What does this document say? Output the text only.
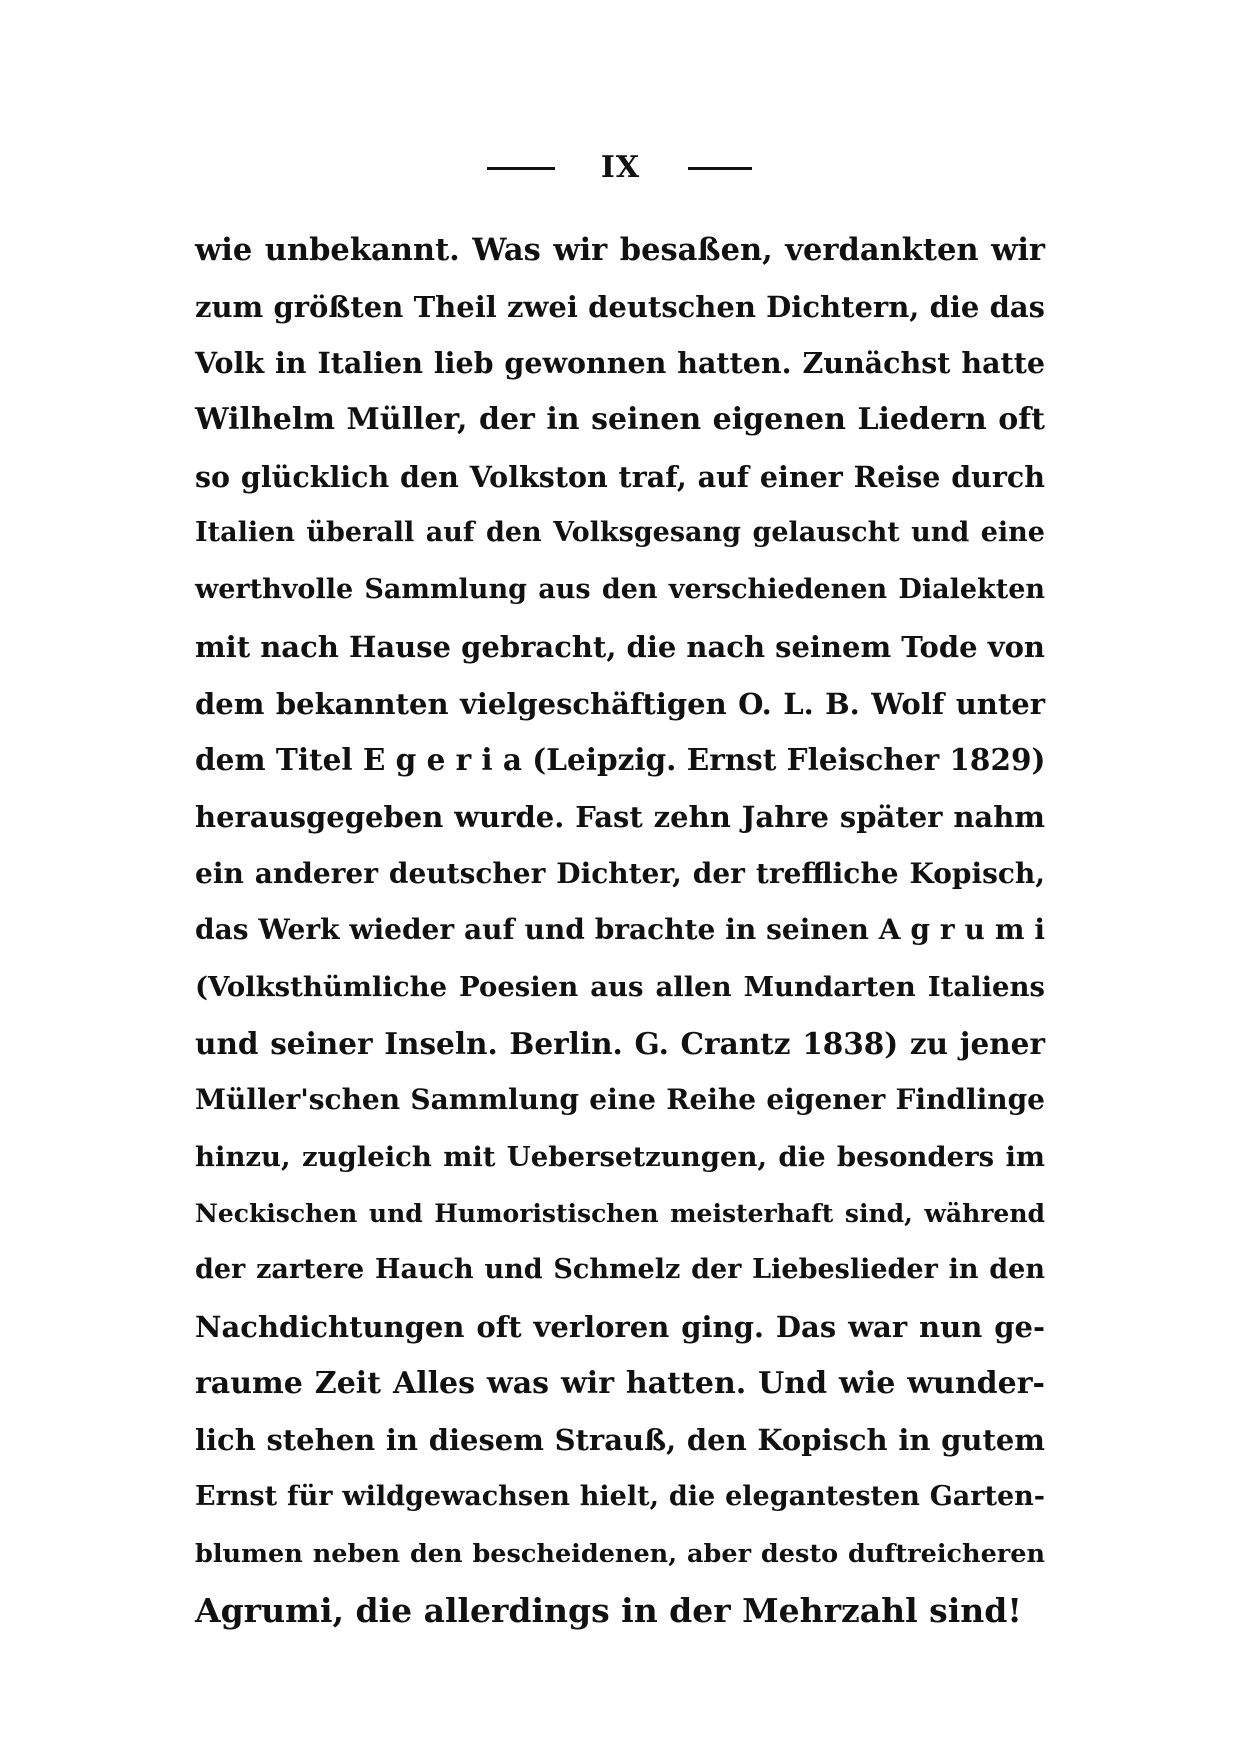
IX
wie unbekannt. Was wir besaßen, verdankten wir
zum größten Theil zwei deutschen Dichtern, die das
Volk in Italien lieb gewonnen hatten. Zunächst hatte
Wilhelm Müller, der in seinen eigenen Liedern oft
so glücklich den Volkston traf, auf einer Reise durch
Italien überall auf den Volksgesang gelauscht und eine
werthvolle Sammlung aus den verschiedenen Dialekten
mit nach Hause gebracht, die nach seinem Tode von
dem bekannten vielgeschäftigen O. L. B. Wolf unter
dem Titel E g e r i a (Leipzig. Ernst Fleischer 1829)
herausgegeben wurde. Fast zehn Jahre später nahm
ein anderer deutscher Dichter, der treffliche Kopisch,
das Werk wieder auf und brachte in seinen A g r u m i
(Volksthümliche Poesien aus allen Mundarten Italiens
und seiner Inseln. Berlin. G. Crantz 1838) zu jener
Müller'schen Sammlung eine Reihe eigener Findlinge
hinzu, zugleich mit Uebersetzungen, die besonders im
Neckischen und Humoristischen meisterhaft sind, während
der zartere Hauch und Schmelz der Liebeslieder in den
Nachdichtungen oft verloren ging. Das war nun ge-
raume Zeit Alles was wir hatten. Und wie wunder-
lich stehen in diesem Strauß, den Kopisch in gutem
Ernst für wildgewachsen hielt, die elegantesten Garten-
blumen neben den bescheidenen, aber desto duftreicheren
Agrumi, die allerdings in der Mehrzahl sind!
